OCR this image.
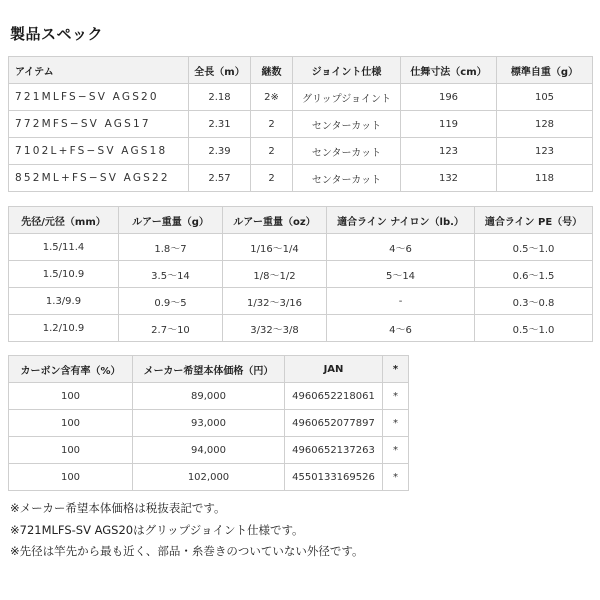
製品スペック
アイテム	全長（m）	継数	ジョイント仕様	仕舞寸法（cm）	標準自重（g）
721MLFS−SV AGS20	2.18	2※	グリップジョイント	196	105
772MFS−SV AGS17	2.31	2	センターカット	119	128
7102L+FS−SV AGS18	2.39	2	センターカット	123	123
852ML+FS−SV AGS22	2.57	2	センターカット	132	118
先径/元径（mm）	ルアー重量（g）	ルアー重量（oz）	適合ライン ナイロン（lb.）	適合ライン PE（号）
1.5/11.4	1.8〜7	1/16〜1/4	4〜6	0.5〜1.0
1.5/10.9	3.5〜14	1/8〜1/2	5〜14	0.6〜1.5
1.3/9.9	0.9〜5	1/32〜3/16	-	0.3〜0.8
1.2/10.9	2.7〜10	3/32〜3/8	4〜6	0.5〜1.0
カーボン含有率（%）	メーカー希望本体価格（円）	JAN	*
100	89,000	4960652218061	*
100	93,000	4960652077897	*
100	94,000	4960652137263	*
100	102,000	4550133169526	*
※メーカー希望本体価格は税抜表記です。
※721MLFS-SV AGS20はグリップジョイント仕様です。
※先径は竿先から最も近く、部品・糸巻きのついていない外径です。
